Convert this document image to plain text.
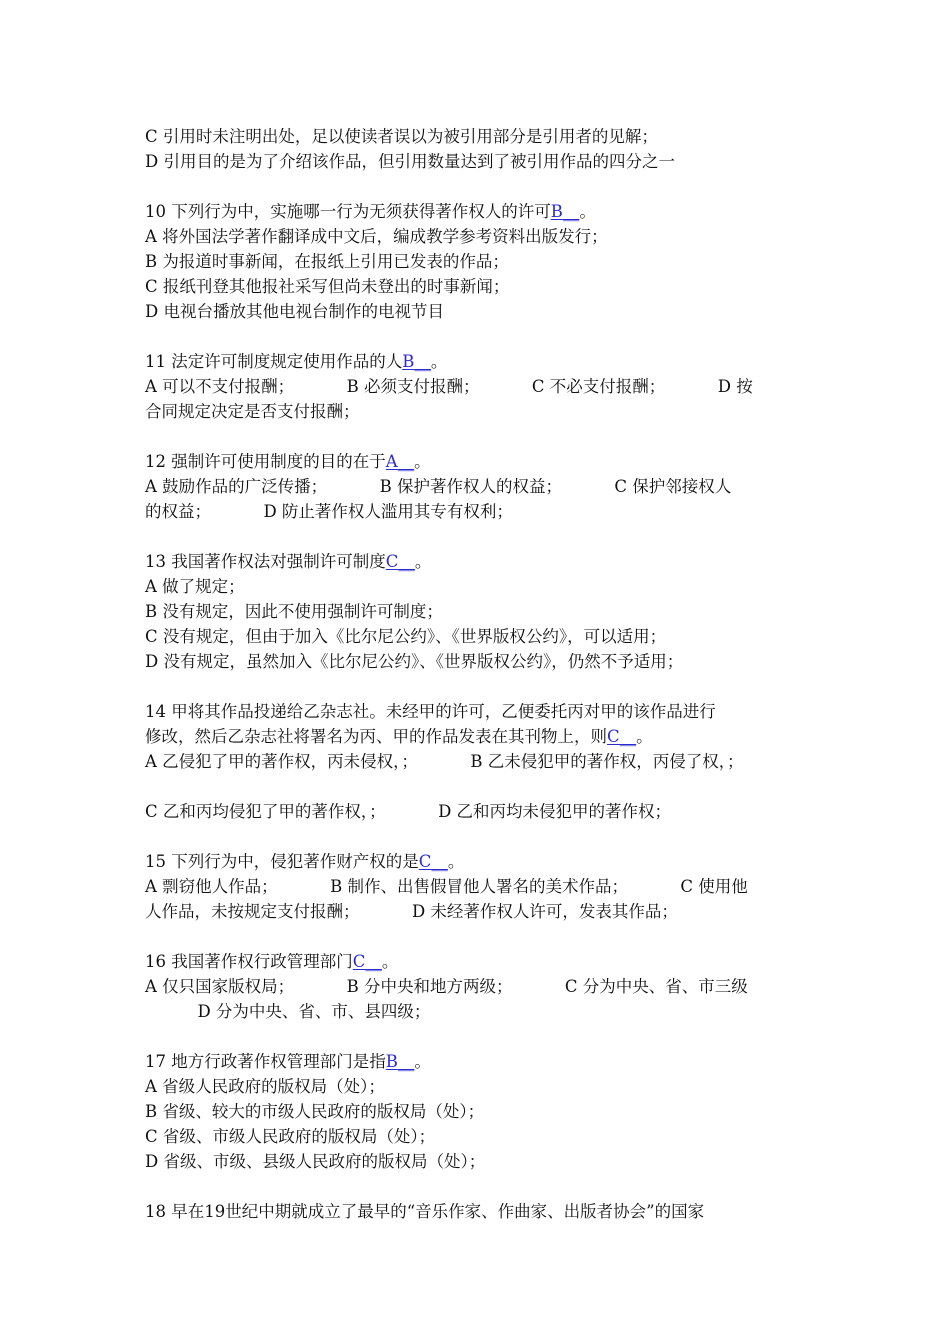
C 引用时未注明出处，足以使读者误以为被引用部分是引用者的见解；
D 引用目的是为了介绍该作品，但引用数量达到了被引用作品的四分之一
10 下列行为中，实施哪一行为无须获得著作权人的许可B__。
A 将外国法学著作翻译成中文后，编成教学参考资料出版发行；
B 为报道时事新闻，在报纸上引用已发表的作品；
C 报纸刊登其他报社采写但尚未登出的时事新闻；
D 电视台播放其他电视台制作的电视节目
11 法定许可制度规定使用作品的人B__。
A 可以不支付报酬；          B 必须支付报酬；          C 不必支付报酬；          D 按
合同规定决定是否支付报酬；
12 强制许可使用制度的目的在于A__。
A 鼓励作品的广泛传播；          B 保护著作权人的权益；          C 保护邻接权人
的权益；          D 防止著作权人滥用其专有权利；
13 我国著作权法对强制许可制度C__。
A 做了规定；
B 没有规定，因此不使用强制许可制度；
C 没有规定，但由于加入《比尔尼公约》、《世界版权公约》，可以适用；
D 没有规定，虽然加入《比尔尼公约》、《世界版权公约》，仍然不予适用；
14 甲将其作品投递给乙杂志社。未经甲的许可，乙便委托丙对甲的该作品进行
修改，然后乙杂志社将署名为丙、甲的作品发表在其刊物上，则C__。
A 乙侵犯了甲的著作权，丙未侵权，；          B 乙未侵犯甲的著作权，丙侵了权，；
C 乙和丙均侵犯了甲的著作权，；          D 乙和丙均未侵犯甲的著作权；
15 下列行为中，侵犯著作财产权的是C__。
A 剽窃他人作品；          B 制作、出售假冒他人署名的美术作品；          C 使用他
人作品，未按规定支付报酬；          D 未经著作权人许可，发表其作品；
16 我国著作权行政管理部门C__。
A 仅只国家版权局；          B 分中央和地方两级；          C 分为中央、省、市三级
D 分为中央、省、市、县四级；
17 地方行政著作权管理部门是指B__。
A 省级人民政府的版权局（处）；
B 省级、较大的市级人民政府的版权局（处）；
C 省级、市级人民政府的版权局（处）；
D 省级、市级、县级人民政府的版权局（处）；
18 早在19世纪中期就成立了最早的“音乐作家、作曲家、出版者协会”的国家
